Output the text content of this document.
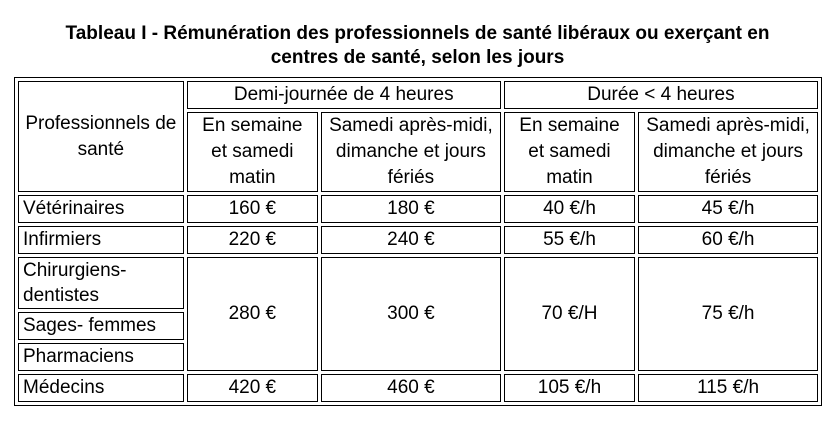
Tableau I - Rémunération des professionnels de santé libéraux ou exerçant en
centres de santé, selon les jours
Professionnels de santé	Demi-journée de 4 heures		Durée < 4 heures	
	En semaine et samedi matin	Samedi après-midi, dimanche et jours fériés	En semaine et samedi matin	Samedi après-midi, dimanche et jours fériés
Vétérinaires	160 €	180 €	40 €/h	45 €/h
Infirmiers	220 €	240 €	55 €/h	60 €/h
Chirurgiens-dentistes	280 €	300 €	70 €/H	75 €/h
Sages- femmes				
Pharmaciens				
Médecins	420 €	460 €	105 €/h	115 €/h
